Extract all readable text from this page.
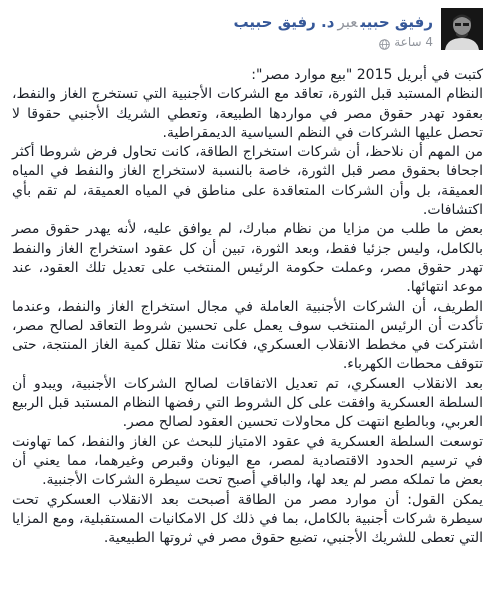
رفيق حبيبعبرد. رفيق حبيب
4 ساعة

كتبت في أبريل 2015 "بيع موارد مصر":

النظام المستبد قبل الثورة، تعاقد مع الشركات الأجنبية التي تستخرج الغاز والنفط، بعقود تهدر حقوق مصر في مواردها الطبيعة، وتعطي الشريك الأجنبي حقوقا لا تحصل عليها الشركات في النظم السياسية الديمقراطية.

من المهم أن نلاحظ، أن شركات استخراج الطاقة، كانت تحاول فرض شروطا أكثر اجحافا بحقوق مصر قبل الثورة، خاصة بالنسبة لاستخراج الغاز والنفط في المياه العميقة، بل وأن الشركات المتعاقدة على مناطق في المياه العميقة، لم تقم بأي اكتشافات.

بعض ما طلب من مزايا من نظام مبارك، لم يوافق عليه، لأنه يهدر حقوق مصر بالكامل، وليس جزئيا فقط، وبعد الثورة، تبين أن كل عقود استخراج الغاز والنفط تهدر حقوق مصر، وعملت حكومة الرئيس المنتخب على تعديل تلك العقود، عند موعد انتهائها.

الطريف، أن الشركات الأجنبية العاملة في مجال استخراج الغاز والنفط، وعندما تأكدت أن الرئيس المنتخب سوف يعمل على تحسين شروط التعاقد لصالح مصر، اشتركت في مخطط الانقلاب العسكري، فكانت مثلا تقلل كمية الغاز المنتجة، حتى تتوقف محطات الكهرباء.

بعد الانقلاب العسكري، تم تعديل الاتفاقات لصالح الشركات الأجنبية، ويبدو أن السلطة العسكرية وافقت على كل الشروط التي رفضها النظام المستبد قبل الربيع العربي، وبالطبع انتهت كل محاولات تحسين العقود لصالح مصر.

توسعت السلطة العسكرية في عقود الامتياز للبحث عن الغاز والنفط، كما تهاونت في ترسيم الحدود الاقتصادية لمصر، مع اليونان وقبرص وغيرهما، مما يعني أن بعض ما تملكه مصر لم يعد لها، والباقي أصبح تحت سيطرة الشركات الأجنبية.

يمكن القول: أن موارد مصر من الطاقة أصبحت بعد الانقلاب العسكري تحت سيطرة شركات أجنبية بالكامل، بما في ذلك كل الامكانيات المستقبلية، ومع المزايا التي تعطى للشريك الأجنبي، تضيع حقوق مصر في ثروتها الطبيعية.
